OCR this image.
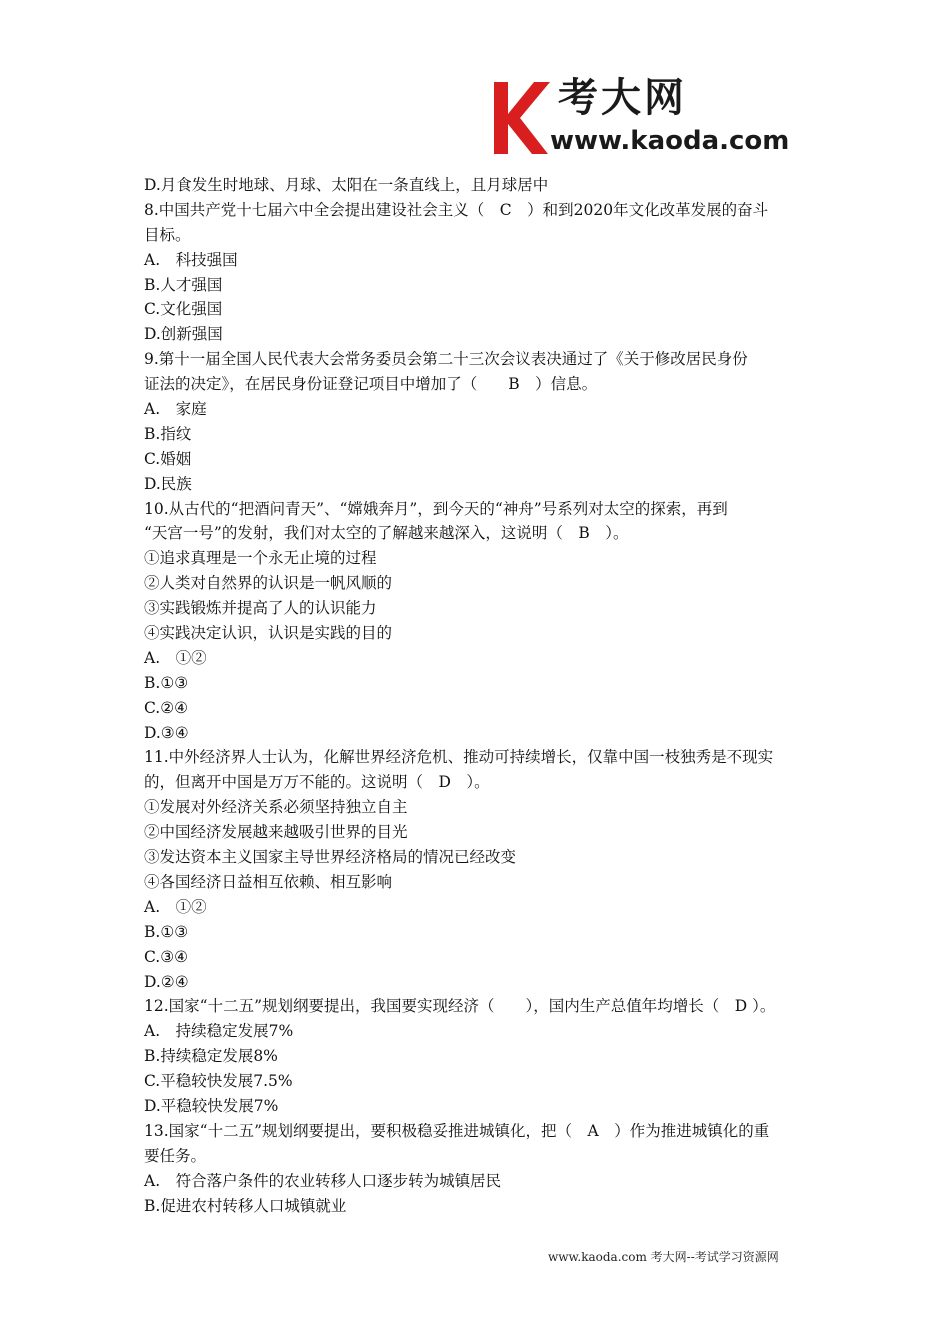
考大网
www.kaoda.com
D.月食发生时地球、月球、太阳在一条直线上，且月球居中
8.中国共产党十七届六中全会提出建设社会主义（　C　）和到2020年文化改革发展的奋斗
目标。
A.　科技强国
B.人才强国
C.文化强国
D.创新强国
9.第十一届全国人民代表大会常务委员会第二十三次会议表决通过了《关于修改居民身份
证法的决定》，在居民身份证登记项目中增加了（　　B　）信息。
A.　家庭
B.指纹
C.婚姻
D.民族
10.从古代的“把酒问青天”、“嫦娥奔月”，到今天的“神舟”号系列对太空的探索，再到
“天宫一号”的发射，我们对太空的了解越来越深入，这说明（　B　）。
①追求真理是一个永无止境的过程
②人类对自然界的认识是一帆风顺的
③实践锻炼并提高了人的认识能力
④实践决定认识，认识是实践的目的
A.　①②
B.①③
C.②④
D.③④
11.中外经济界人士认为，化解世界经济危机、推动可持续增长，仅靠中国一枝独秀是不现实
的，但离开中国是万万不能的。这说明（　D　）。
①发展对外经济关系必须坚持独立自主
②中国经济发展越来越吸引世界的目光
③发达资本主义国家主导世界经济格局的情况已经改变
④各国经济日益相互依赖、相互影响
A.　①②
B.①③
C.③④
D.②④
12.国家“十二五”规划纲要提出，我国要实现经济（　　），国内生产总值年均增长（　D ）。
A.　持续稳定发展7%
B.持续稳定发展8%
C.平稳较快发展7.5%
D.平稳较快发展7%
13.国家“十二五”规划纲要提出，要积极稳妥推进城镇化，把（　A　）作为推进城镇化的重
要任务。
A.　符合落户条件的农业转移人口逐步转为城镇居民
B.促进农村转移人口城镇就业
www.kaoda.com 考大网--考试学习资源网
